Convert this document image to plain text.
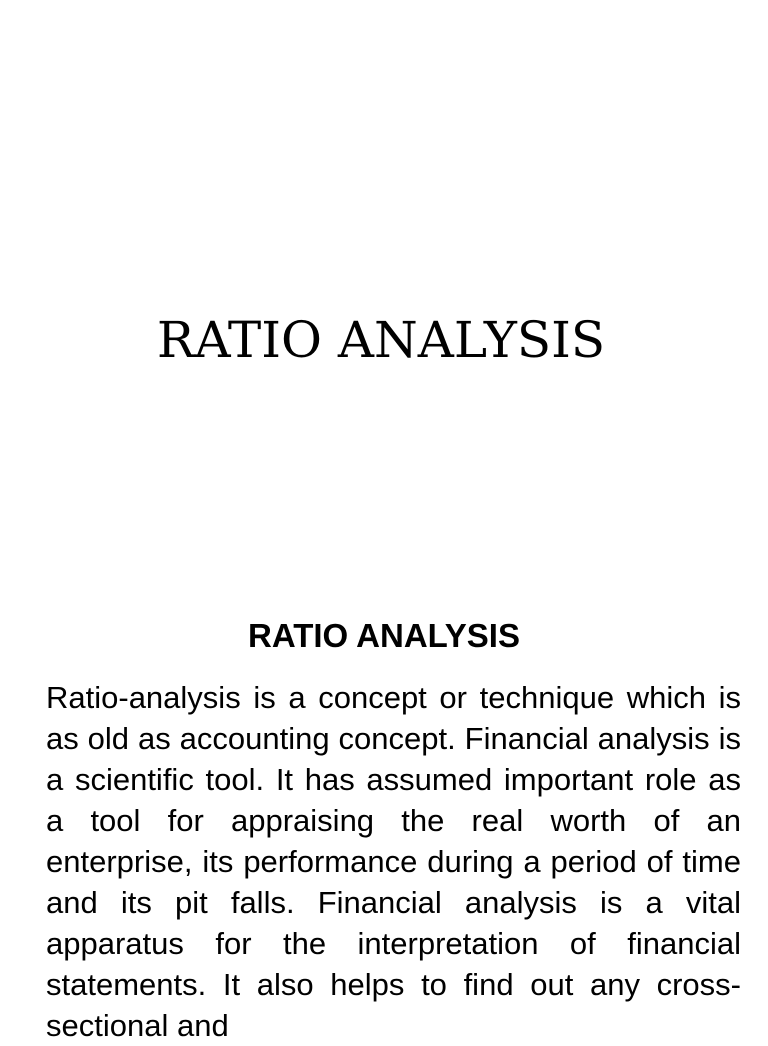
RATIO ANALYSIS
RATIO ANALYSIS

Ratio-analysis is a concept or technique which is as old as accounting concept. Financial analysis is a scientific tool. It has assumed important role as a tool for appraising the real worth of an enterprise, its performance during a period of time and its pit falls. Financial analysis is a vital apparatus for the interpretation of financial statements. It also helps to find out any cross-sectional and
